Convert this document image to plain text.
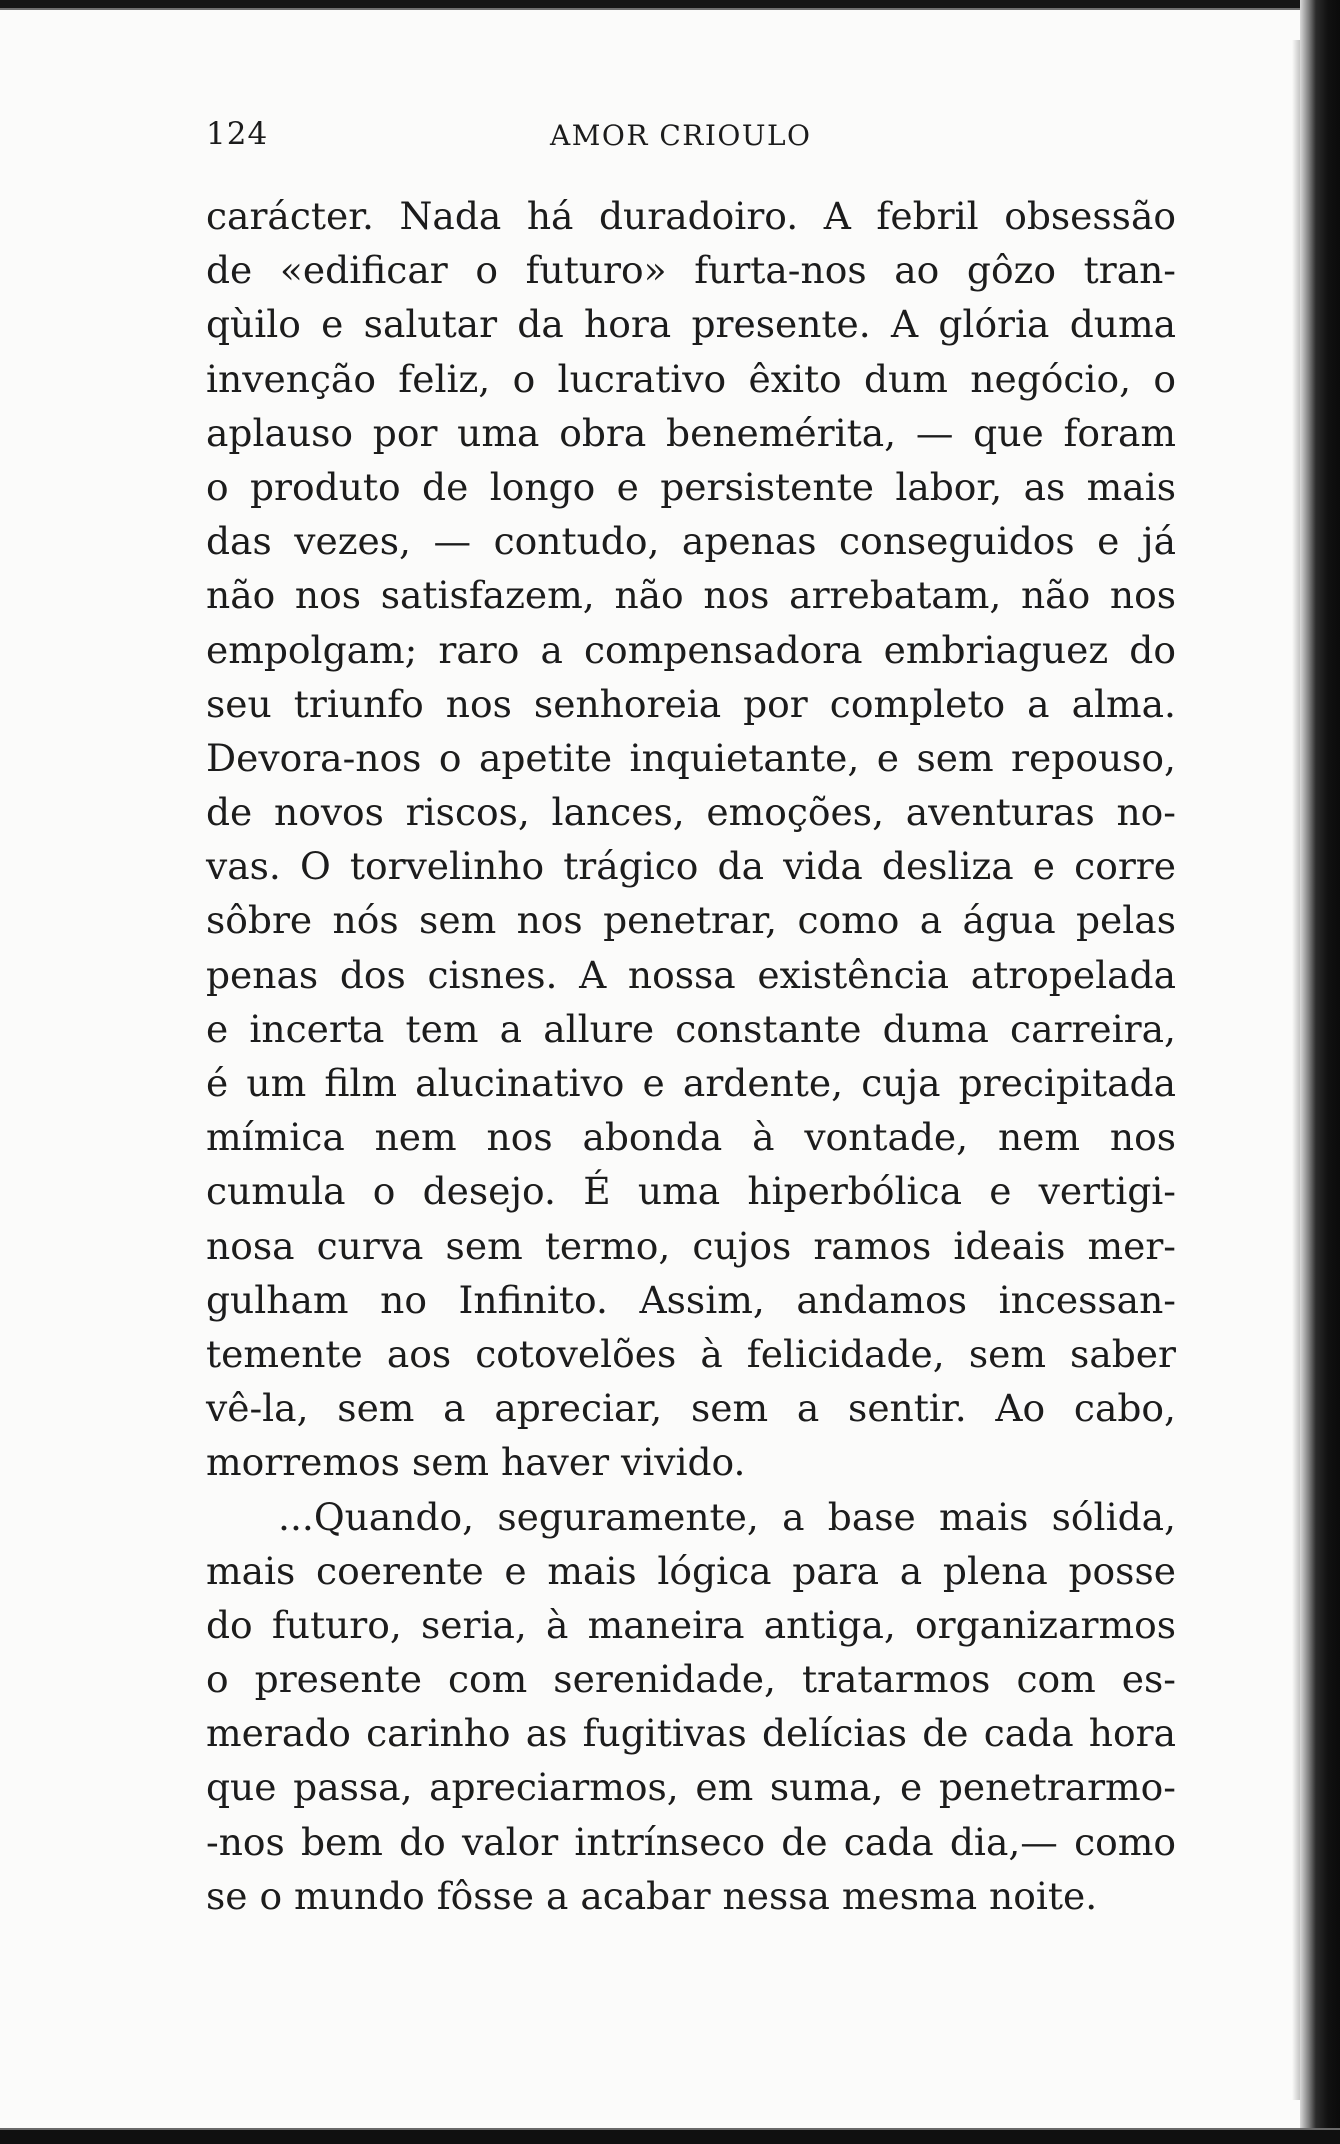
124	AMOR CRIOULO
carácter. Nada há duradoiro. A febril obsessão
de «edificar o futuro» furta-nos ao gôzo tran-
qùilo e salutar da hora presente. A glória duma
invenção feliz, o lucrativo êxito dum negócio, o
aplauso por uma obra benemérita, — que foram
o produto de longo e persistente labor, as mais
das vezes, — contudo, apenas conseguidos e já
não nos satisfazem, não nos arrebatam, não nos
empolgam; raro a compensadora embriaguez do
seu triunfo nos senhoreia por completo a alma.
Devora-nos o apetite inquietante, e sem repouso,
de novos riscos, lances, emoções, aventuras no-
vas. O torvelinho trágico da vida desliza e corre
sôbre nós sem nos penetrar, como a água pelas
penas dos cisnes. A nossa existência atropelada
e incerta tem a allure constante duma carreira,
é um film alucinativo e ardente, cuja precipitada
mímica nem nos abonda à vontade, nem nos
cumula o desejo. É uma hiperbólica e vertigi-
nosa curva sem termo, cujos ramos ideais mer-
gulham no Infinito. Assim, andamos incessan-
temente aos cotovelões à felicidade, sem saber
vê-la, sem a apreciar, sem a sentir. Ao cabo,
morremos sem haver vivido.
...Quando, seguramente, a base mais sólida,
mais coerente e mais lógica para a plena posse
do futuro, seria, à maneira antiga, organizarmos
o presente com serenidade, tratarmos com es-
merado carinho as fugitivas delícias de cada hora
que passa, apreciarmos, em suma, e penetrarmo-
-nos bem do valor intrínseco de cada dia,— como
se o mundo fôsse a acabar nessa mesma noite.
